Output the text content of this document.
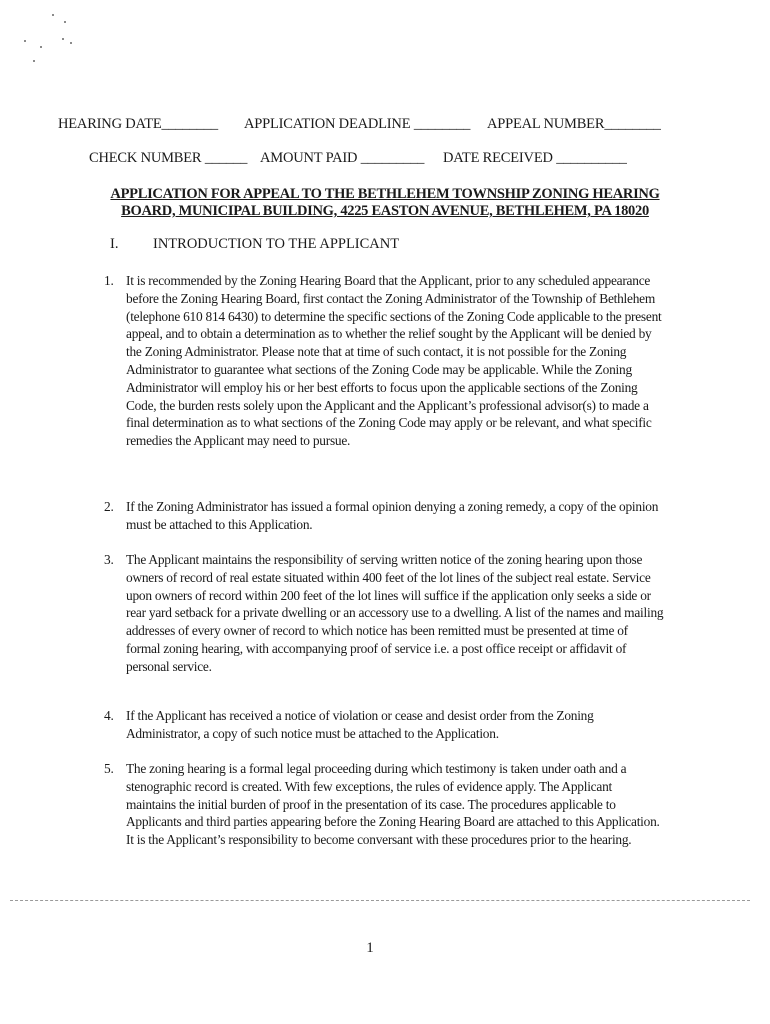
HEARING DATE________ APPLICATION DEADLINE ________ APPEAL NUMBER________
CHECK NUMBER ______ AMOUNT PAID _________ DATE RECEIVED __________
APPLICATION FOR APPEAL TO THE BETHLEHEM TOWNSHIP ZONING HEARING
BOARD, MUNICIPAL BUILDING, 4225 EASTON AVENUE, BETHLEHEM, PA 18020
I. INTRODUCTION TO THE APPLICANT
1. It is recommended by the Zoning Hearing Board that the Applicant, prior to any scheduled appearance before the Zoning Hearing Board, first contact the Zoning Administrator of the Township of Bethlehem (telephone 610 814 6430) to determine the specific sections of the Zoning Code applicable to the present appeal, and to obtain a determination as to whether the relief sought by the Applicant will be denied by the Zoning Administrator. Please note that at time of such contact, it is not possible for the Zoning Administrator to guarantee what sections of the Zoning Code may be applicable. While the Zoning Administrator will employ his or her best efforts to focus upon the applicable sections of the Zoning Code, the burden rests solely upon the Applicant and the Applicant’s professional advisor(s) to made a final determination as to what sections of the Zoning Code may apply or be relevant, and what specific remedies the Applicant may need to pursue.
2. If the Zoning Administrator has issued a formal opinion denying a zoning remedy, a copy of the opinion must be attached to this Application.
3. The Applicant maintains the responsibility of serving written notice of the zoning hearing upon those owners of record of real estate situated within 400 feet of the lot lines of the subject real estate. Service upon owners of record within 200 feet of the lot lines will suffice if the application only seeks a side or rear yard setback for a private dwelling or an accessory use to a dwelling. A list of the names and mailing addresses of every owner of record to which notice has been remitted must be presented at time of formal zoning hearing, with accompanying proof of service i.e. a post office receipt or affidavit of personal service.
4. If the Applicant has received a notice of violation or cease and desist order from the Zoning Administrator, a copy of such notice must be attached to the Application.
5. The zoning hearing is a formal legal proceeding during which testimony is taken under oath and a stenographic record is created. With few exceptions, the rules of evidence apply. The Applicant maintains the initial burden of proof in the presentation of its case. The procedures applicable to Applicants and third parties appearing before the Zoning Hearing Board are attached to this Application. It is the Applicant’s responsibility to become conversant with these procedures prior to the hearing.
1
